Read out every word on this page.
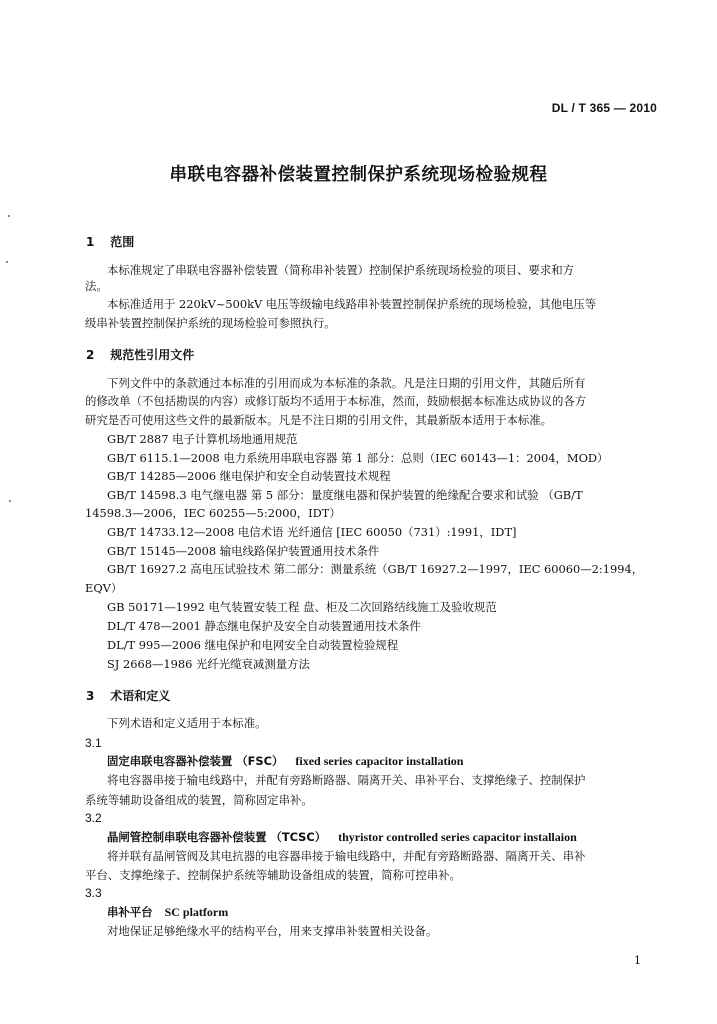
DL / T 365 — 2010
串联电容器补偿装置控制保护系统现场检验规程
1 范围
本标准规定了串联电容器补偿装置（简称串补装置）控制保护系统现场检验的项目、要求和方
法。
本标准适用于 220kV~500kV 电压等级输电线路串补装置控制保护系统的现场检验，其他电压等
级串补装置控制保护系统的现场检验可参照执行。
2 规范性引用文件
下列文件中的条款通过本标准的引用而成为本标准的条款。凡是注日期的引用文件，其随后所有
的修改单（不包括勘误的内容）或修订版均不适用于本标准，然而，鼓励根据本标准达成协议的各方
研究是否可使用这些文件的最新版本。凡是不注日期的引用文件，其最新版本适用于本标准。
GB/T 2887 电子计算机场地通用规范
GB/T 6115.1—2008 电力系统用串联电容器 第 1 部分：总则（IEC 60143—1：2004，MOD）
GB/T 14285—2006 继电保护和安全自动装置技术规程
GB/T 14598.3 电气继电器 第 5 部分：量度继电器和保护装置的绝缘配合要求和试验 （GB/T
14598.3—2006，IEC 60255—5:2000，IDT）
GB/T 14733.12—2008 电信术语 光纤通信 [IEC 60050（731）:1991，IDT]
GB/T 15145—2008 输电线路保护装置通用技术条件
GB/T 16927.2 高电压试验技术 第二部分：测量系统（GB/T 16927.2—1997，IEC 60060—2:1994，
EQV）
GB 50171—1992 电气装置安装工程 盘、柜及二次回路结线施工及验收规范
DL/T 478—2001 静态继电保护及安全自动装置通用技术条件
DL/T 995—2006 继电保护和电网安全自动装置检验规程
SJ 2668—1986 光纤光缆衰减测量方法
3 术语和定义
下列术语和定义适用于本标准。
3.1
固定串联电容器补偿装置 （FSC） fixed series capacitor installation
将电容器串接于输电线路中，并配有旁路断路器、隔离开关、串补平台、支撑绝缘子、控制保护
系统等辅助设备组成的装置，简称固定串补。
3.2
晶闸管控制串联电容器补偿装置 （TCSC） thyristor controlled series capacitor installaion
将并联有晶闸管阀及其电抗器的电容器串接于输电线路中，并配有旁路断路器、隔离开关、串补
平台、支撑绝缘子、控制保护系统等辅助设备组成的装置，简称可控串补。
3.3
串补平台 SC platform
对地保证足够绝缘水平的结构平台，用来支撑串补装置相关设备。
1
